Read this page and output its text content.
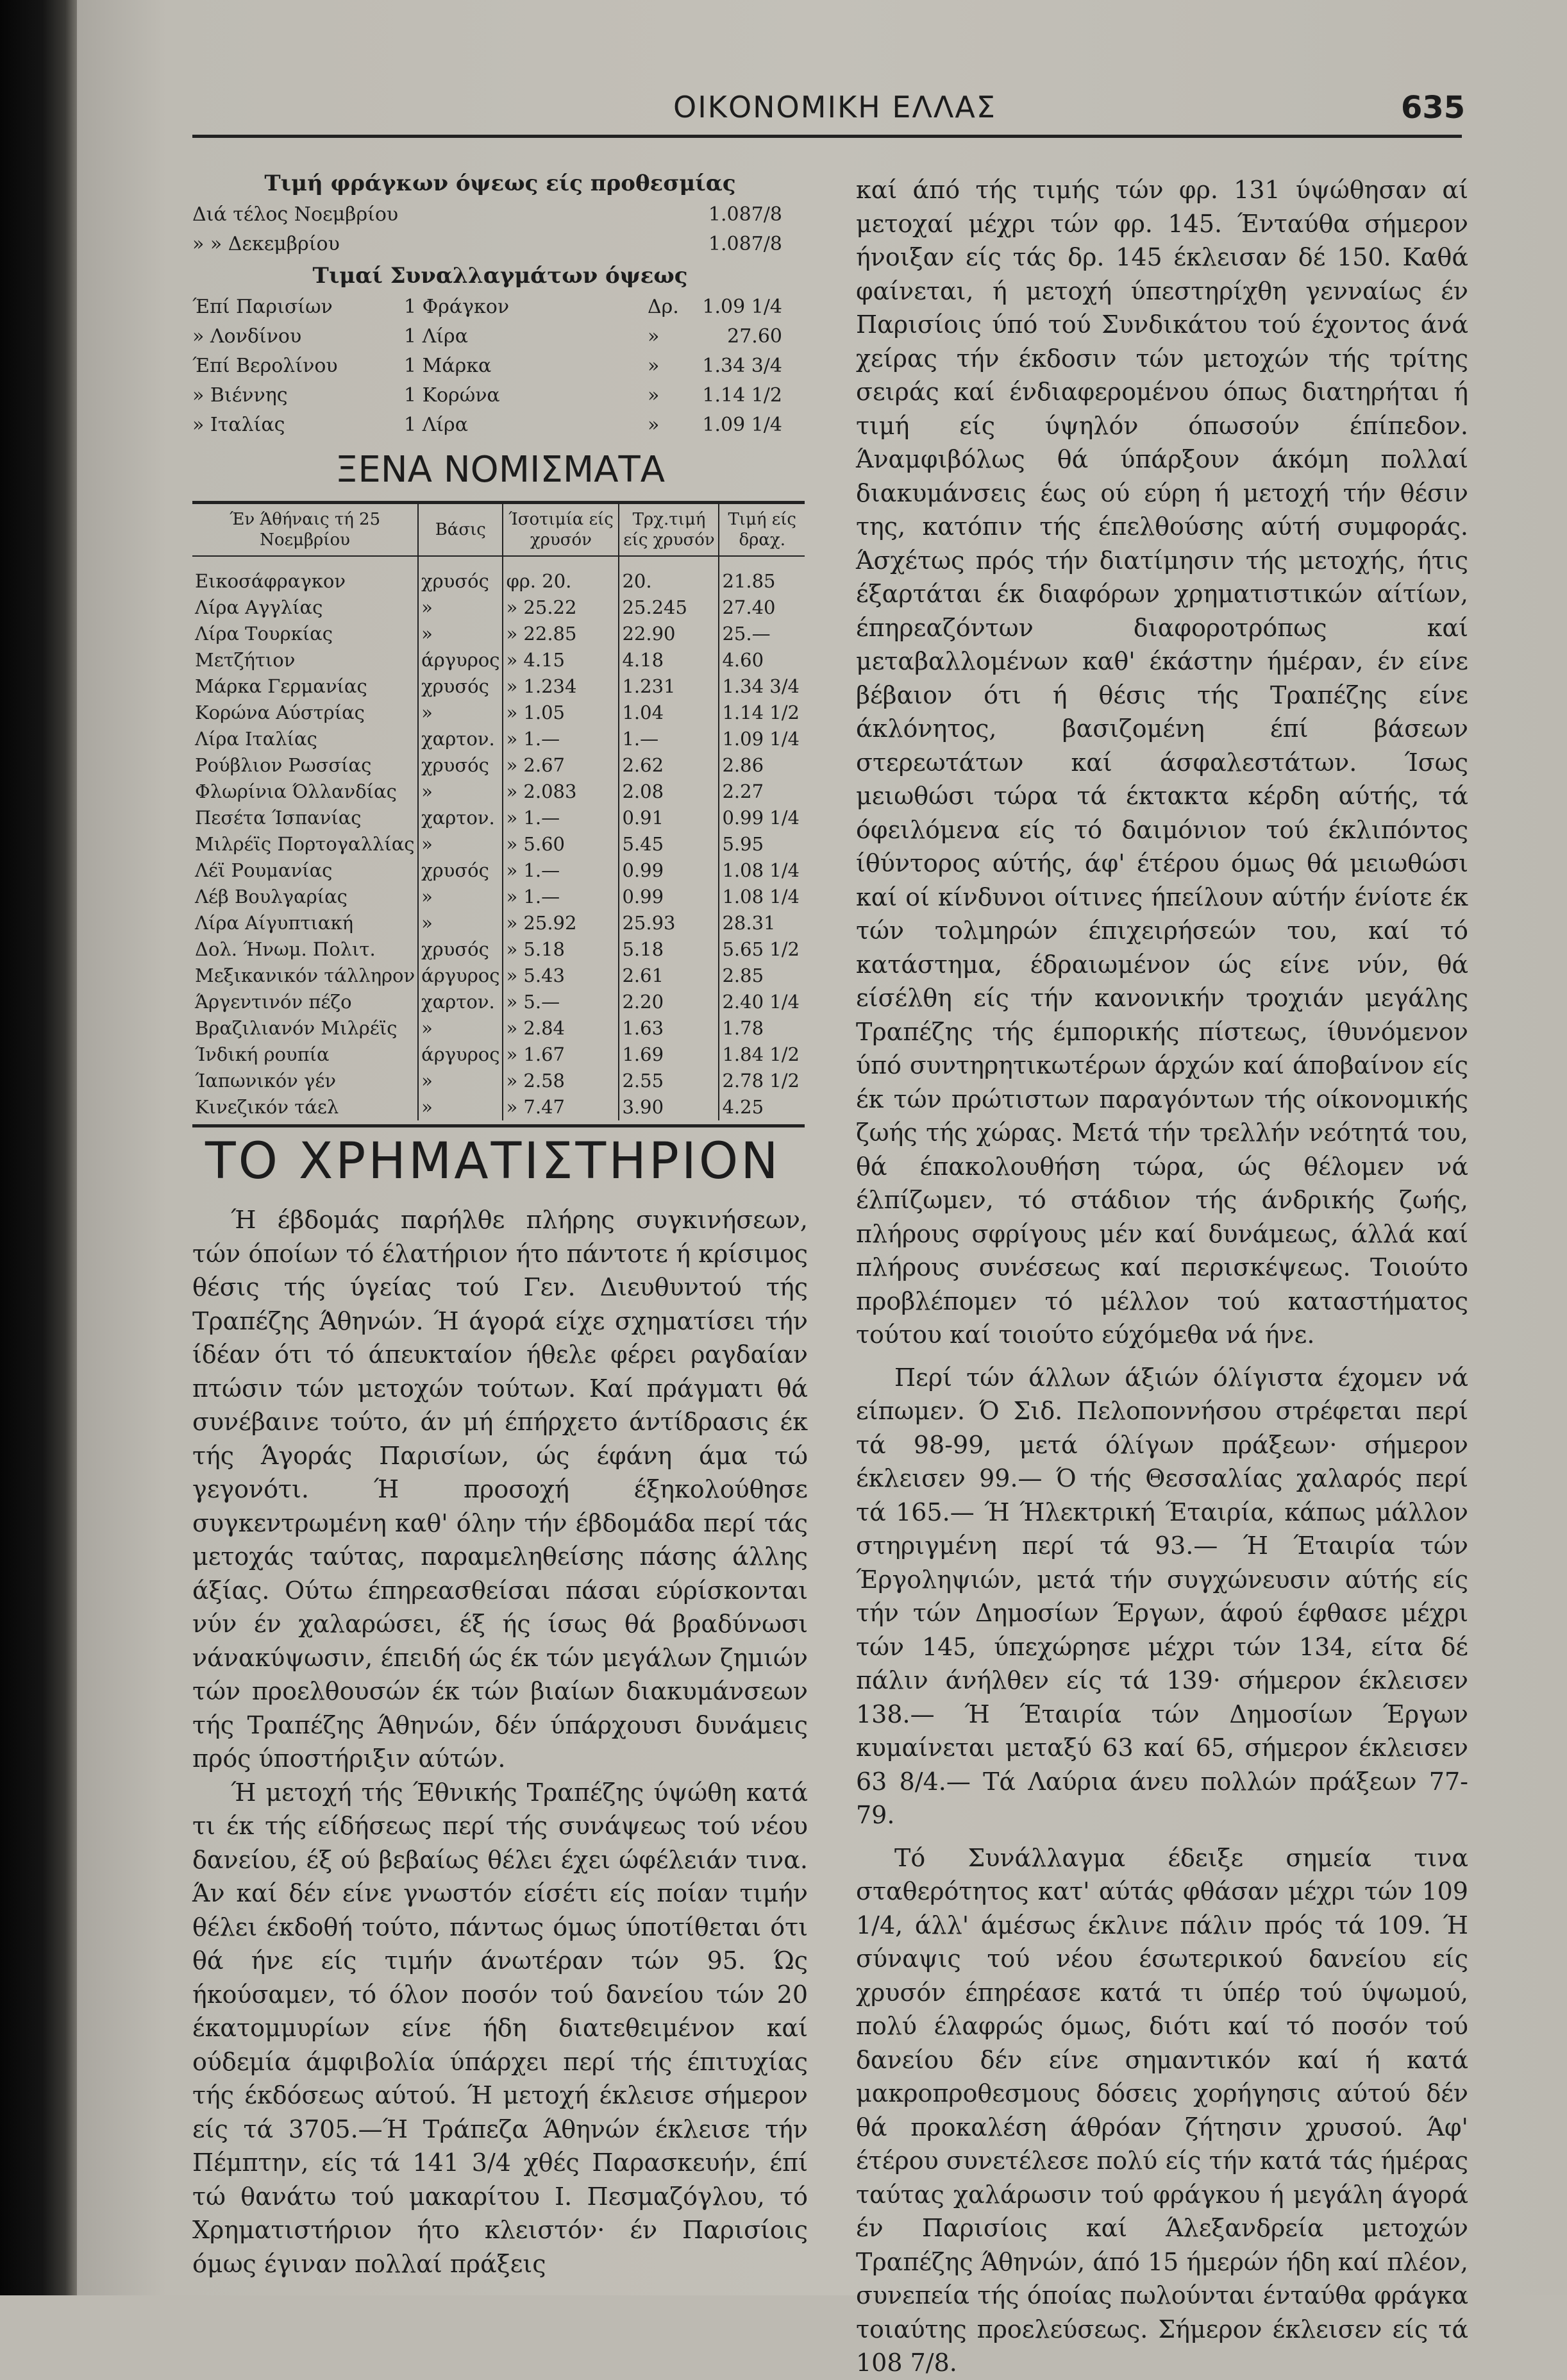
ΟΙΚΟΝΟΜΙΚΗ ΕΛΛΑΣ	635
Τιμή φράγκων όψεως είς προθεσμίας
Διά τέλος Νοεμβρίου	1.087/8
» » Δεκεμβρίου	1.087/8
Τιμαί Συναλλαγμάτων όψεως
Έπί Παρισίων	1 Φράγκον	Δρ.	1.09 1/4
» Λονδίνου	1 Λίρα	»	27.60
Έπί Βερολίνου	1 Μάρκα	»	1.34 3/4
» Βιέννης	1 Κορώνα	»	1.14 1/2
» Ιταλίας	1 Λίρα	»	1.09 1/4
ΞΕΝΑ ΝΟΜΙΣΜΑΤΑ
Έν Άθήναις τή 25 Νοεμβρίου	Βάσις	Ίσοτιμία είς χρυσόν	Τρχ.τιμή είς χρυσόν	Τιμή είς δραχ.
Εικοσάφραγκον	χρυσός	φρ. 20.	20.	21.85
Λίρα Αγγλίας	»	» 25.22	25.245	27.40
Λίρα Τουρκίας	»	» 22.85	22.90	25.—
Μετζήτιον	άργυρος	» 4.15	4.18	4.60
Μάρκα Γερμανίας	χρυσός	» 1.234	1.231	1.34 3/4
Κορώνα Αύστρίας	»	» 1.05	1.04	1.14 1/2
Λίρα Ιταλίας	χαρτον.	» 1.—	1.—	1.09 1/4
Ρούβλιον Ρωσσίας	χρυσός	» 2.67	2.62	2.86
Φλωρίνια Όλλανδίας	»	» 2.083	2.08	2.27
Πεσέτα Ίσπανίας	χαρτον.	» 1.—	0.91	0.99 1/4
Μιλρέϊς Πορτογαλλίας	»	» 5.60	5.45	5.95
Λέϊ Ρουμανίας	χρυσός	» 1.—	0.99	1.08 1/4
Λέβ Βουλγαρίας	»	» 1.—	0.99	1.08 1/4
Λίρα Αίγυπτιακή	»	» 25.92	25.93	28.31
Δολ. Ήνωμ. Πολιτ.	χρυσός	» 5.18	5.18	5.65 1/2
Μεξικανικόν τάλληρον	άργυρος	» 5.43	2.61	2.85
Άργεντινόν πέζο	χαρτον.	» 5.—	2.20	2.40 1/4
Βραζιλιανόν Μιλρέϊς	»	» 2.84	1.63	1.78
Ίνδική ρουπία	άργυρος	» 1.67	1.69	1.84 1/2
Ίαπωνικόν γέν	»	» 2.58	2.55	2.78 1/2
Κινεζικόν τάελ	»	» 7.47	3.90	4.25
ΤΟ ΧΡΗΜΑΤΙΣΤΗΡΙΟΝ

Ή έβδομάς παρήλθε πλήρης συγκινήσεων, τών όποίων τό έλατήριον ήτο πάντοτε ή κρίσιμος θέσις τής ύγείας τού Γεν. Διευθυντού τής Τραπέζης Άθηνών. Ή άγορά είχε σχηματίσει τήν ίδέαν ότι τό άπευκταίον ήθελε φέρει ραγδαίαν πτώσιν τών μετοχών τούτων. Καί πράγματι θά συνέβαινε τούτο, άν μή έπήρχετο άντίδρασις έκ τής Άγοράς Παρισίων, ώς έφάνη άμα τώ γεγονότι. Ή προσοχή έξηκολούθησε συγκεντρωμένη καθ' όλην τήν έβδομάδα περί τάς μετοχάς ταύτας, παραμεληθείσης πάσης άλλης άξίας. Ούτω έπηρεασθείσαι πάσαι εύρίσκονται νύν έν χαλαρώσει, έξ ής ίσως θά βραδύνωσι νάνακύψωσιν, έπειδή ώς έκ τών μεγάλων ζημιών τών προελθουσών έκ τών βιαίων διακυμάνσεων τής Τραπέζης Άθηνών, δέν ύπάρχουσι δυνάμεις πρός ύποστήριξιν αύτών.

Ή μετοχή τής Έθνικής Τραπέζης ύψώθη κατά τι έκ τής είδήσεως περί τής συνάψεως τού νέου δανείου, έξ ού βεβαίως θέλει έχει ώφέλειάν τινα. Άν καί δέν είνε γνωστόν είσέτι είς ποίαν τιμήν θέλει έκδοθή τούτο, πάντως όμως ύποτίθεται ότι θά ήνε είς τιμήν άνωτέραν τών 95. Ώς ήκούσαμεν, τό όλον ποσόν τού δανείου τών 20 έκατομμυρίων είνε ήδη διατεθειμένον καί ούδεμία άμφιβολία ύπάρχει περί τής έπιτυχίας τής έκδόσεως αύτού. Ή μετοχή έκλεισε σήμερον είς τά 3705.—Ή Τράπεζα Άθηνών έκλεισε τήν Πέμπτην, είς τά 141 3/4 χθές Παρασκευήν, έπί τώ θανάτω τού μακαρίτου Ι. Πεσμαζόγλου, τό Χρηματιστήριον ήτο κλειστόν· έν Παρισίοις όμως έγιναν πολλαί πράξεις

καί άπό τής τιμής τών φρ. 131 ύψώθησαν αί μετοχαί μέχρι τών φρ. 145. Ένταύθα σήμερον ήνοιξαν είς τάς δρ. 145 έκλεισαν δέ 150. Καθά φαίνεται, ή μετοχή ύπεστηρίχθη γενναίως έν Παρισίοις ύπό τού Συνδικάτου τού έχοντος άνά χείρας τήν έκδοσιν τών μετοχών τής τρίτης σειράς καί ένδιαφερομένου όπως διατηρήται ή τιμή είς ύψηλόν όπωσούν έπίπεδον. Άναμφιβόλως θά ύπάρξουν άκόμη πολλαί διακυμάνσεις έως ού εύρη ή μετοχή τήν θέσιν της, κατόπιν τής έπελθούσης αύτή συμφοράς. Άσχέτως πρός τήν διατίμησιν τής μετοχής, ήτις έξαρτάται έκ διαφόρων χρηματιστικών αίτίων, έπηρεαζόντων διαφοροτρόπως καί μεταβαλλομένων καθ' έκάστην ήμέραν, έν είνε βέβαιον ότι ή θέσις τής Τραπέζης είνε άκλόνητος, βασιζομένη έπί βάσεων στερεωτάτων καί άσφαλεστάτων. Ίσως μειωθώσι τώρα τά έκτακτα κέρδη αύτής, τά όφειλόμενα είς τό δαιμόνιον τού έκλιπόντος ίθύντορος αύτής, άφ' έτέρου όμως θά μειωθώσι καί οί κίνδυνοι οίτινες ήπείλουν αύτήν ένίοτε έκ τών τολμηρών έπιχειρήσεών του, καί τό κατάστημα, έδραιωμένον ώς είνε νύν, θά είσέλθη είς τήν κανονικήν τροχιάν μεγάλης Τραπέζης τής έμπορικής πίστεως, ίθυνόμενον ύπό συντηρητικωτέρων άρχών καί άποβαίνον είς έκ τών πρώτιστων παραγόντων τής οίκονομικής ζωής τής χώρας. Μετά τήν τρελλήν νεότητά του, θά έπακολουθήση τώρα, ώς θέλομεν νά έλπίζωμεν, τό στάδιον τής άνδρικής ζωής, πλήρους σφρίγους μέν καί δυνάμεως, άλλά καί πλήρους συνέσεως καί περισκέψεως. Τοιούτο προβλέπομεν τό μέλλον τού καταστήματος τούτου καί τοιούτο εύχόμεθα νά ήνε.

Περί τών άλλων άξιών όλίγιστα έχομεν νά είπωμεν. Ό Σιδ. Πελοποννήσου στρέφεται περί τά 98-99, μετά όλίγων πράξεων· σήμερον έκλεισεν 99.— Ό τής Θεσσαλίας χαλαρός περί τά 165.— Ή Ήλεκτρική Έταιρία, κάπως μάλλον στηριγμένη περί τά 93.— Ή Έταιρία τών Έργοληψιών, μετά τήν συγχώνευσιν αύτής είς τήν τών Δημοσίων Έργων, άφού έφθασε μέχρι τών 145, ύπεχώρησε μέχρι τών 134, είτα δέ πάλιν άνήλθεν είς τά 139· σήμερον έκλεισεν 138.— Ή Έταιρία τών Δημοσίων Έργων κυμαίνεται μεταξύ 63 καί 65, σήμερον έκλεισεν 63 8/4.— Τά Λαύρια άνευ πολλών πράξεων 77-79.

Τό Συνάλλαγμα έδειξε σημεία τινα σταθερότητος κατ' αύτάς φθάσαν μέχρι τών 109 1/4, άλλ' άμέσως έκλινε πάλιν πρός τά 109. Ή σύναψις τού νέου έσωτερικού δανείου είς χρυσόν έπηρέασε κατά τι ύπέρ τού ύψωμού, πολύ έλαφρώς όμως, διότι καί τό ποσόν τού δανείου δέν είνε σημαντικόν καί ή κατά μακροπροθεσμους δόσεις χορήγησις αύτού δέν θά προκαλέση άθρόαν ζήτησιν χρυσού. Άφ' έτέρου συνετέλεσε πολύ είς τήν κατά τάς ήμέρας ταύτας χαλάρωσιν τού φράγκου ή μεγάλη άγορά έν Παρισίοις καί Άλεξανδρεία μετοχών Τραπέζης Άθηνών, άπό 15 ήμερών ήδη καί πλέον, συνεπεία τής όποίας πωλούνται ένταύθα φράγκα τοιαύτης προελεύσεως. Σήμερον έκλεισεν είς τά 108 7/8.
